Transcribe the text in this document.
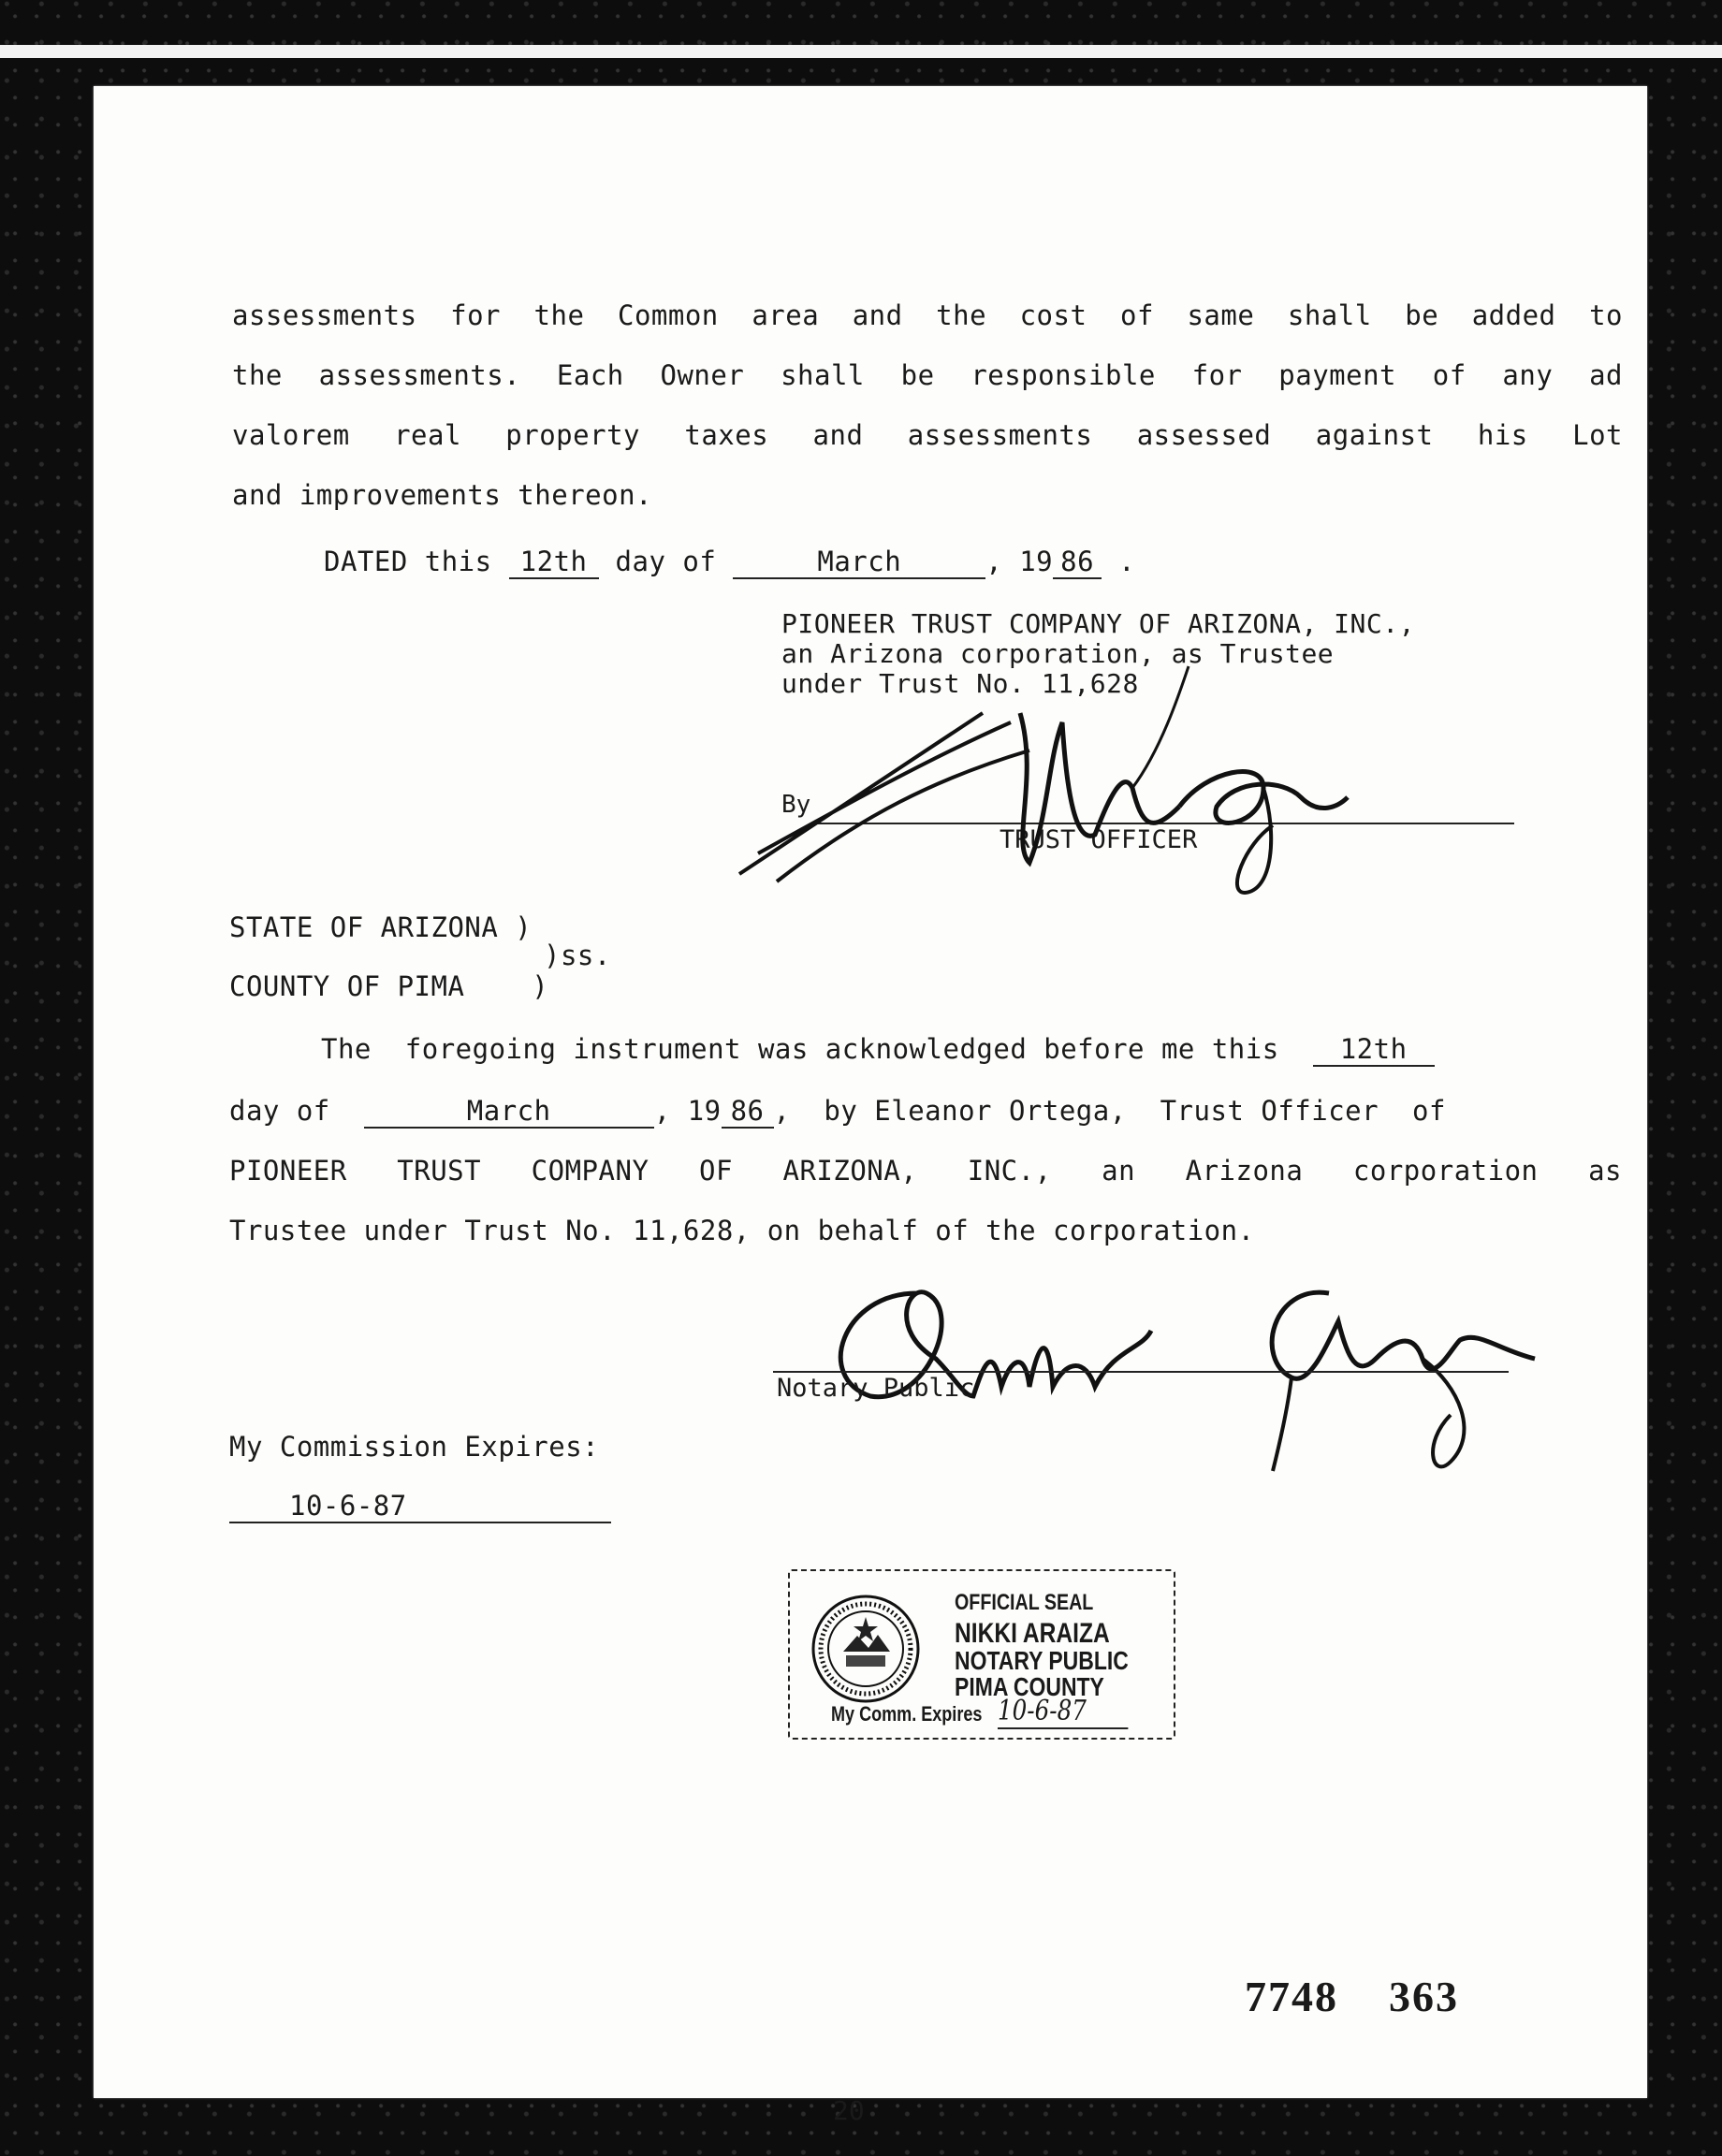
assessments for the Common area and the cost of same shall be added to
the assessments. Each Owner shall be responsible for payment of any ad
valorem real property taxes and assessments assessed against his Lot
and improvements thereon.
DATED this 12th day of	March	, 19 86 .
PIONEER TRUST COMPANY OF ARIZONA, INC.,
an Arizona corporation, as Trustee
under Trust No. 11,628
By
TRUST OFFICER
STATE OF ARIZONA )
)ss.
COUNTY OF PIMA    )
The  foregoing instrument was acknowledged before me this 12th
day of	March	, 19 86 ,  by Eleanor Ortega,  Trust Officer  of
PIONEER TRUST COMPANY OF ARIZONA, INC., an Arizona corporation as
Trustee under Trust No. 11,628, on behalf of the corporation.
Notary Public
My Commission Expires:
10-6-87
OFFICIAL SEAL
NIKKI ARAIZA
NOTARY PUBLIC
PIMA COUNTY
My Comm. Expires 10-6-87
7748    363
20
